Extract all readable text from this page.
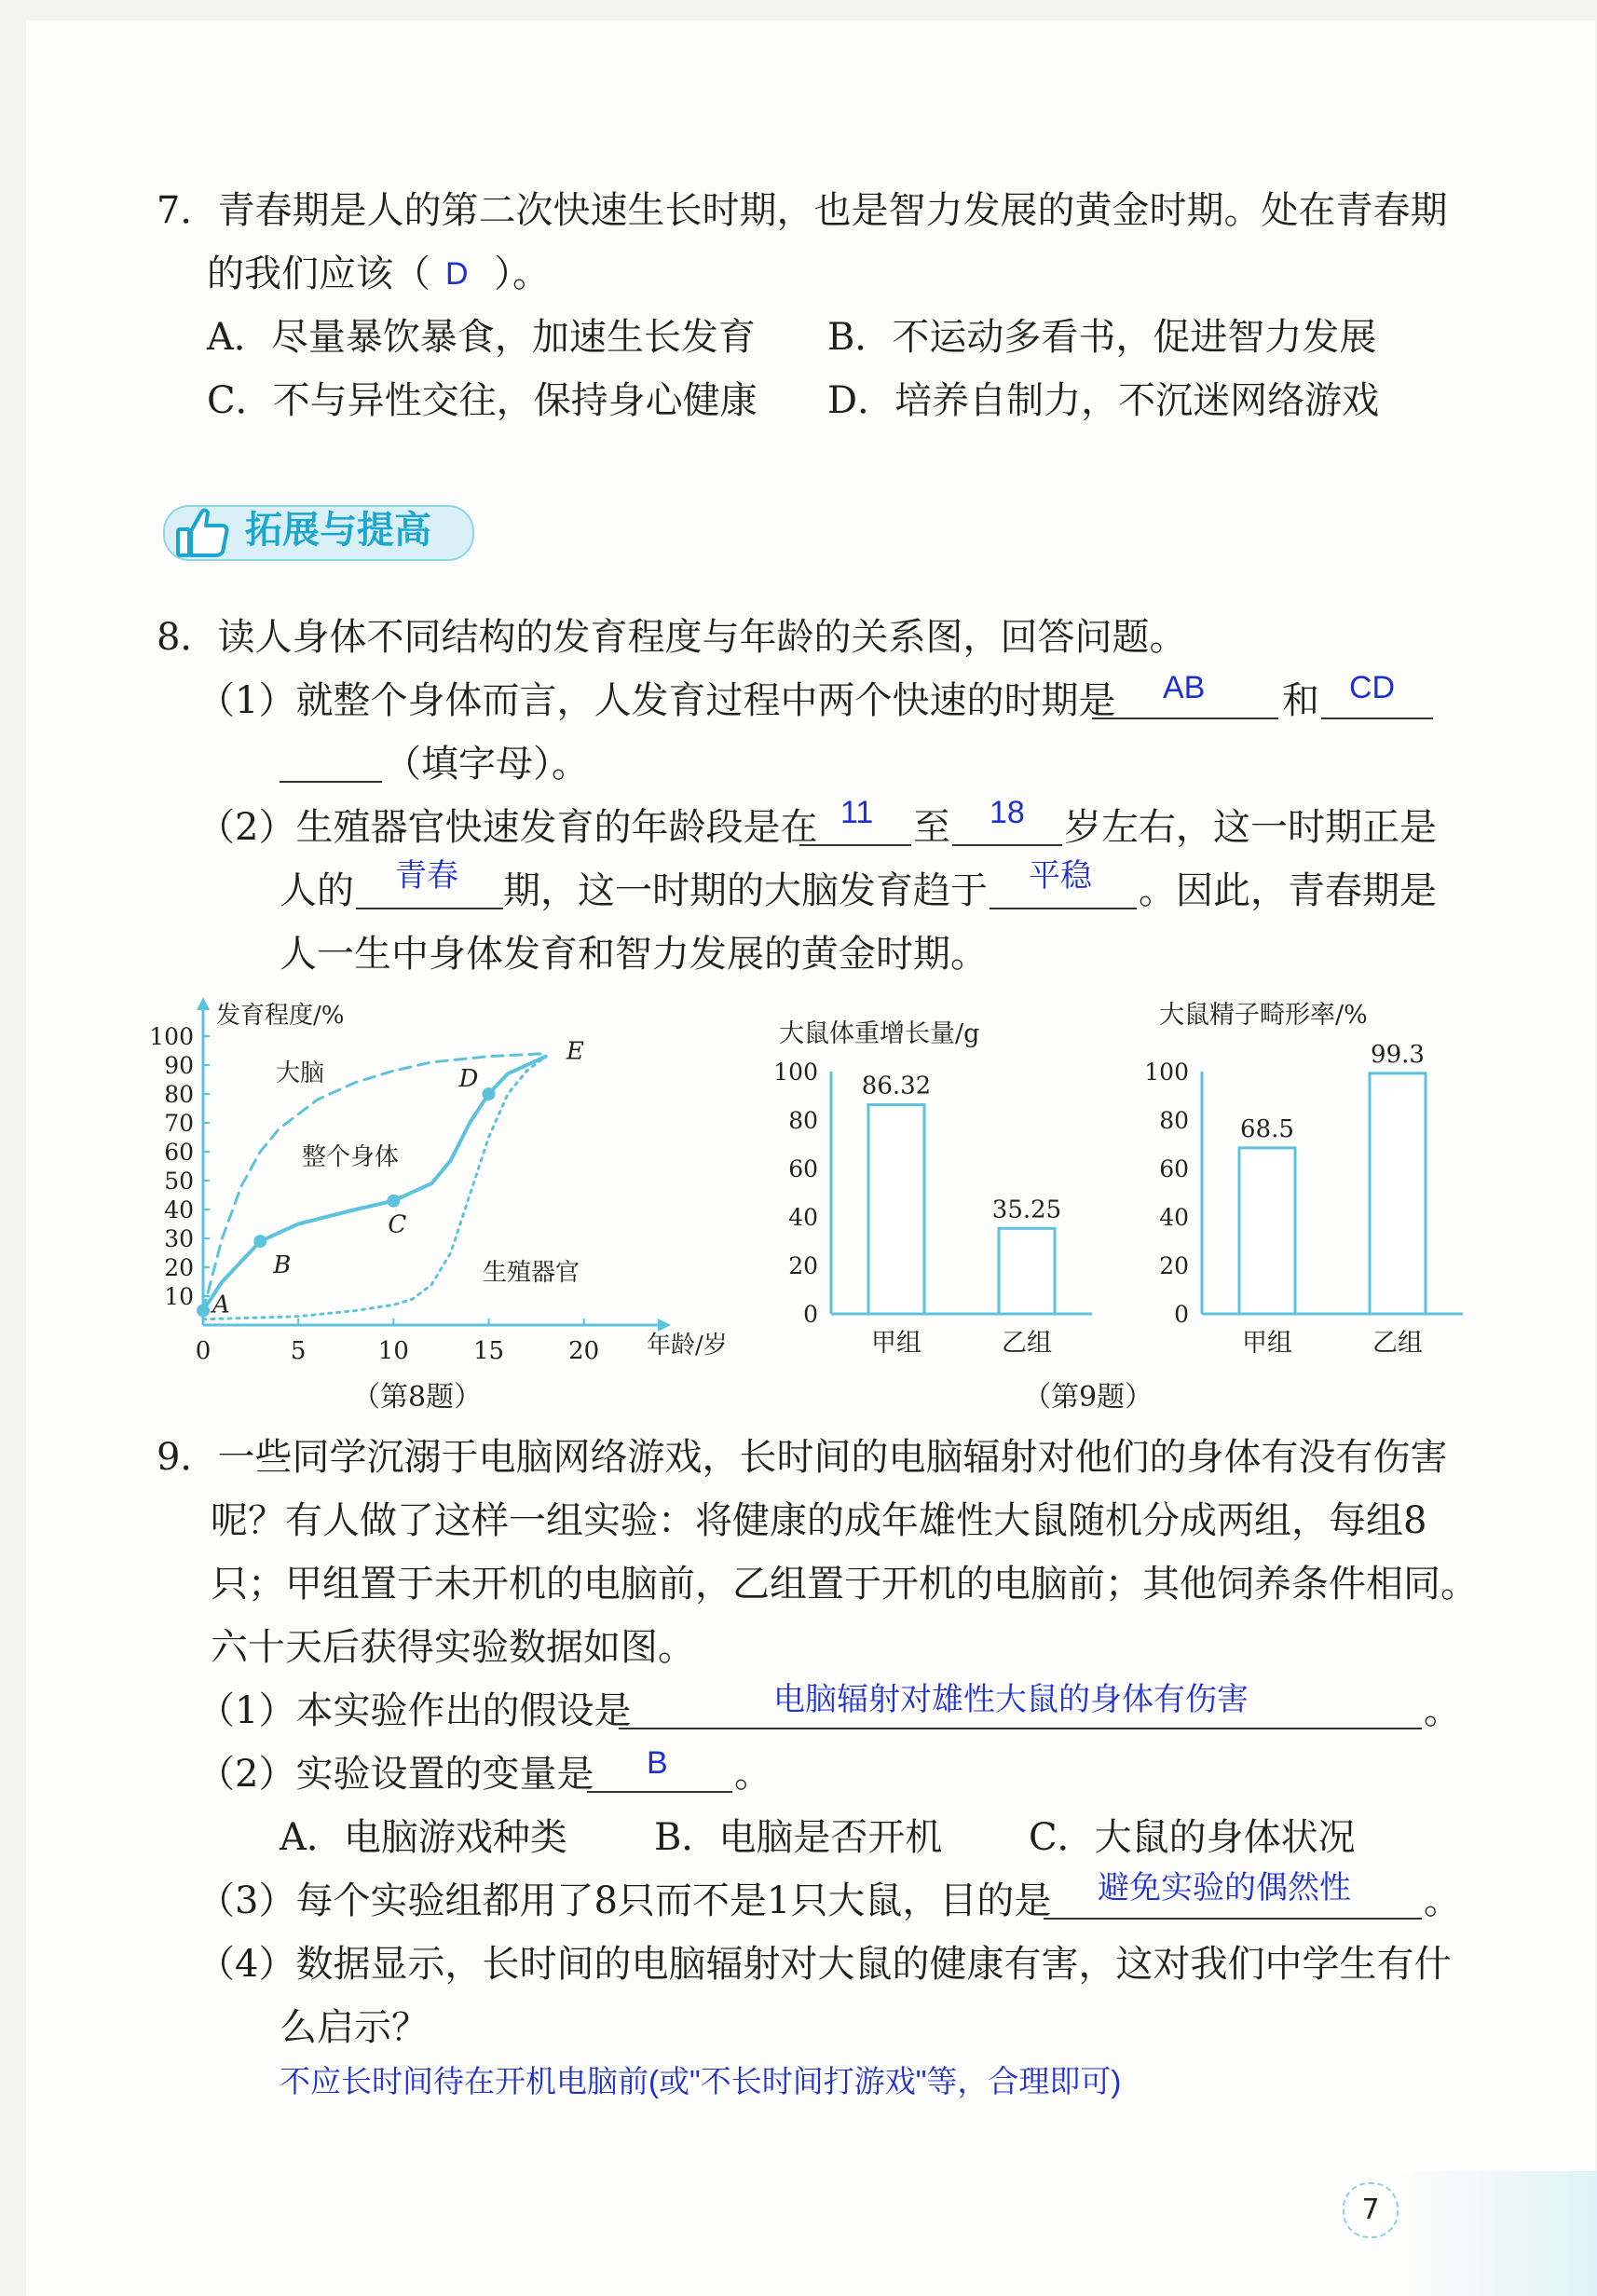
7．青春期是人的第二次快速生长时期，也是智力发展的黄金时期。处在青春期
的我们应该（ D ）。
A．尽量暴饮暴食，加速生长发育 B．不运动多看书，促进智力发展
C．不与异性交往，保持身心健康 D．培养自制力，不沉迷网络游戏
拓展与提高
8．读人身体不同结构的发育程度与年龄的关系图，回答问题。
（1）就整个身体而言，人发育过程中两个快速的时期是 AB 和 CD
（填字母）。
（2）生殖器官快速发育的年龄段是在 11 至 18 岁左右，这一时期正是
人的 青春 期，这一时期的大脑发育趋于 平稳 。因此，青春期是
人一生中身体发育和智力发展的黄金时期。
0	5	10	15	20
10
20
30
40
50
60
70
80
90
100
A
B
C
D
E
发育程度/%
年龄/岁
大脑
整个身体
生殖器官
（第8题）
大鼠体重增长量/g
0
20
40
60
80
100
86.32
甲组
35.25
乙组
大鼠精子畸形率/%
0
20
40
60
80
100
68.5
甲组
99.3
乙组
（第9题）
9．一些同学沉溺于电脑网络游戏，长时间的电脑辐射对他们的身体有没有伤害
呢？有人做了这样一组实验：将健康的成年雄性大鼠随机分成两组，每组8
只；甲组置于未开机的电脑前，乙组置于开机的电脑前；其他饲养条件相同。
六十天后获得实验数据如图。
（1）本实验作出的假设是	电脑辐射对雄性大鼠的身体有伤害	。
（2）实验设置的变量是 B 。
A．电脑游戏种类 B．电脑是否开机 C．大鼠的身体状况
（3）每个实验组都用了8只而不是1只大鼠，目的是 避免实验的偶然性 。
（4）数据显示，长时间的电脑辐射对大鼠的健康有害，这对我们中学生有什
么启示？
不应长时间待在开机电脑前(或"不长时间打游戏"等，合理即可)
7
